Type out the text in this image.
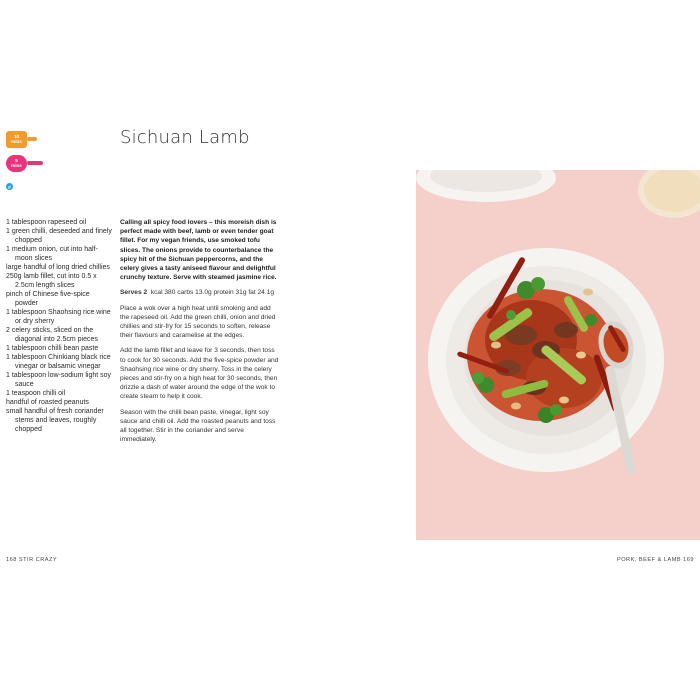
10
mins
5
mins
gf
Sichuan Lamb
1 tablespoon rapeseed oil
1 green chilli, deseeded and finely chopped
1 medium onion, cut into half-moon slices
large handful of long dried chillies
250g lamb fillet, cut into 0.5 x 2.5cm length slices
pinch of Chinese five-spice powder
1 tablespoon Shaohsing rice wine or dry sherry
2 celery sticks, sliced on the diagonal into 2.5cm pieces
1 tablespoon chilli bean paste
1 tablespoon Chinkiang black rice vinegar or balsamic vinegar
1 tablespoon low-sodium light soy sauce
1 teaspoon chilli oil
handful of roasted peanuts
small handful of fresh coriander stems and leaves, roughly chopped

Calling all spicy food lovers – this moreish dish is perfect made with beef, lamb or even tender goat fillet. For my vegan friends, use smoked tofu slices. The onions provide to counterbalance the spicy hit of the Sichuan peppercorns, and the celery gives a tasty aniseed flavour and delightful crunchy texture. Serve with steamed jasmine rice.

Serves 2 kcal 380 carbs 13.0g protein 31g fat 24.1g

Place a wok over a high heat until smoking and add the rapeseed oil. Add the green chilli, onion and dried chillies and stir-fry for 15 seconds to soften, release their flavours and caramelise at the edges.

Add the lamb fillet and leave for 3 seconds, then toss to cook for 30 seconds. Add the five-spice powder and Shaohsing rice wine or dry sherry. Toss in the celery pieces and stir-fry on a high heat for 30 seconds, then drizzle a dash of water around the edge of the wok to create steam to help it cook.

Season with the chilli bean paste, vinegar, light soy sauce and chilli oil. Add the roasted peanuts and toss all together. Stir in the coriander and serve immediately.

168 STIR CRAZY	PORK, BEEF & LAMB 169
